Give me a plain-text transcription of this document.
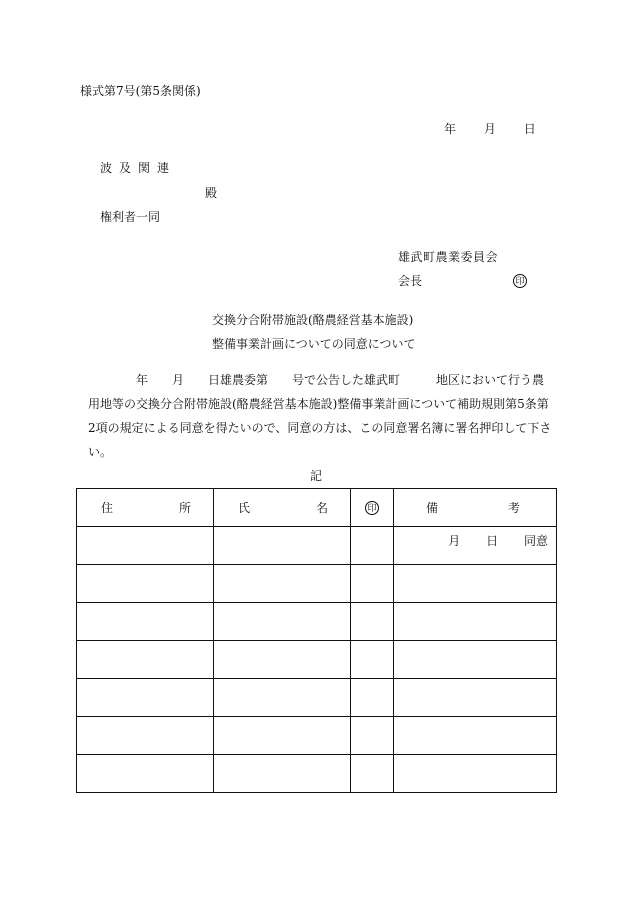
様式第7号(第5条関係)
年 月 日
波及関連
殿
権利者一同
雄武町農業委員会
会長	印
交換分合附帯施設(酪農経営基本施設)
整備事業計画についての同意について
　　　　年　　月　　日雄農委第　　号で公告した雄武町　　　地区において行う農用地等の交換分合附帯施設(酪農経営基本施設)整備事業計画について補助規則第5条第2項の規定による同意を得たいので、同意の方は、この同意署名簿に署名押印して下さい。
記
住 所	氏 名	印	備 考

			月 日 同意
